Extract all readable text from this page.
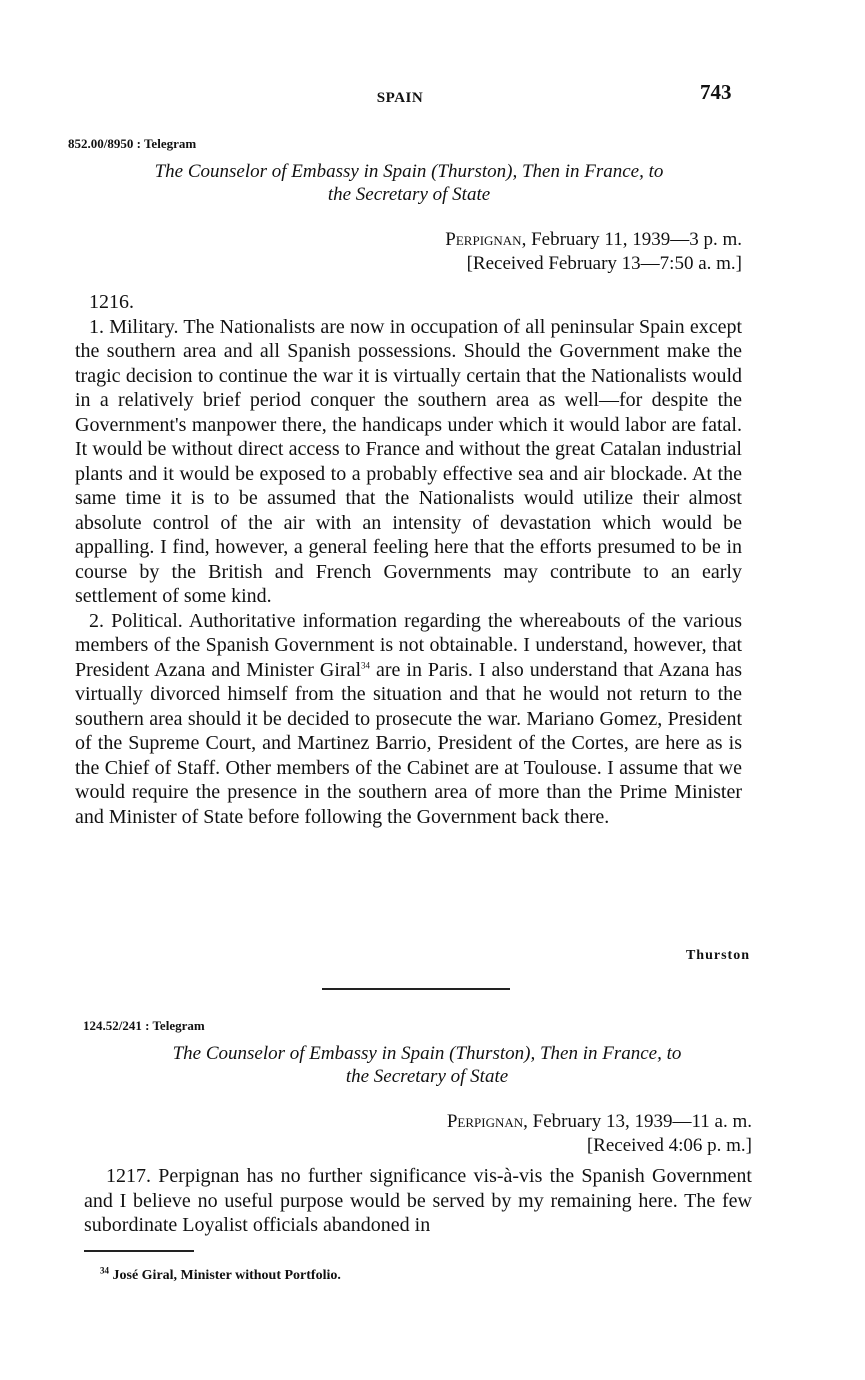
SPAIN	743
852.00/8950 : Telegram
The Counselor of Embassy in Spain (Thurston), Then in France, to
the Secretary of State
Perpignan, February 11, 1939—3 p. m.
[Received February 13—7:50 a. m.]

1216.

1. Military. The Nationalists are now in occupation of all peninsular Spain except the southern area and all Spanish possessions. Should the Government make the tragic decision to continue the war it is virtually certain that the Nationalists would in a relatively brief period conquer the southern area as well—for despite the Government's manpower there, the handicaps under which it would labor are fatal. It would be without direct access to France and without the great Catalan industrial plants and it would be exposed to a probably effective sea and air blockade. At the same time it is to be assumed that the Nationalists would utilize their almost absolute control of the air with an intensity of devastation which would be appalling. I find, however, a general feeling here that the efforts presumed to be in course by the British and French Governments may contribute to an early settlement of some kind.

2. Political. Authoritative information regarding the whereabouts of the various members of the Spanish Government is not obtainable. I understand, however, that President Azana and Minister Giral$^{34}$ are in Paris. I also understand that Azana has virtually divorced himself from the situation and that he would not return to the southern area should it be decided to prosecute the war. Mariano Gomez, President of the Supreme Court, and Martinez Barrio, President of the Cortes, are here as is the Chief of Staff. Other members of the Cabinet are at Toulouse. I assume that we would require the presence in the southern area of more than the Prime Minister and Minister of State before following the Government back there.

Thurston
124.52/241 : Telegram
The Counselor of Embassy in Spain (Thurston), Then in France, to
the Secretary of State
Perpignan, February 13, 1939—11 a. m.
[Received 4:06 p. m.]

1217. Perpignan has no further significance vis-à-vis the Spanish Government and I believe no useful purpose would be served by my remaining here. The few subordinate Loyalist officials abandoned in

$^{34}$ José Giral, Minister without Portfolio.
